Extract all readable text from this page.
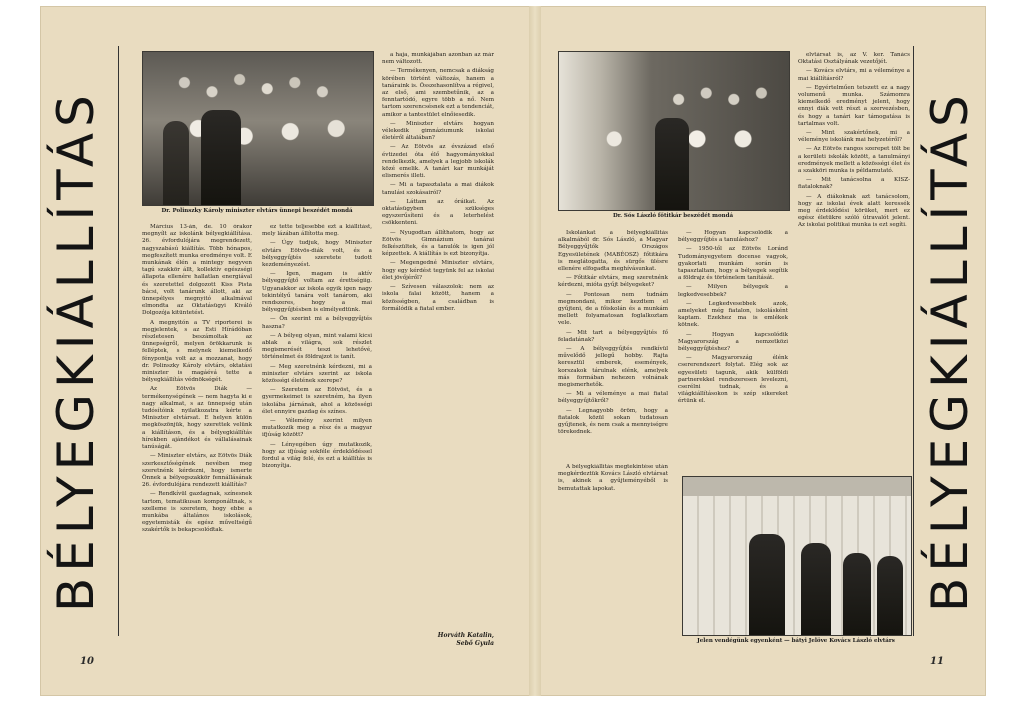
BÉLYEGKIÁLLÍTÁS	Dr. Polinszky Károly miniszter elvtárs ünnepi beszédét mondá

Március 13-án, de. 10 órakor megnyílt az iskolánk bélyegkiállítása. 26. évfordulójára megrendezett, nagyszabású kiállítás. Több hónapos, megfeszített munka eredménye volt. E munkának élén a mintegy negyven tagú szakkör állt, kollektív egészségi állapota ellenére hallatlan energiával és szeretettel dolgozott Kiss Pista bácsi, volt tanárunk állott, aki az ünnepélyes megnyitó alkalmával elmondta az Oktatásügyi Kiváló Dolgozója kitüntetést.

A megnyitón a TV riporterei is megjelentek, s az Esti Hírádóban részletesen beszámoltak az ünnepségről, melyen örökkarunk is felléptek, s melynek kiemelkedő fénypontja volt az a mozzanat, hogy dr. Polinszky Károly elvtárs, oktatási miniszter is magáévá tette a bélyegkiállítás védnökségét.

Az Eötvös Diák — termékenységének — nem hagyta ki e nagy alkalmat, s az ünnepség után tudósítóink nyilatkozatra kérte a Miniszter elvtársat. E helyen külön megköszönjük, hogy szerettek velünk a kiállításon, és a bélyegkiállítás hírekben ajándékot és vállalásainak tanúságát.

— Miniszter elvtárs, az Eötvös Diák szerkesztőségének nevében meg szeretnénk kérdezni, hogy ismerte Önnek a bélyegszakkör fennállásának 26. évfordulójára rendezett kiállítás?

— Rendkívül gazdagnak, színesnek tartom, tematikusan komponáltnak, s szelleme is szeretem, hogy ebbe a munkába általános iskolások, egyetemisták és egész műveltségű szakértők is bekapcsolódtak.

ez tette teljesebbé ezt a kiállítást, mely lázában állította meg.

— Úgy tudjuk, hogy Miniszter elvtárs Eötvös-diák volt, és a bélyeggyűjtés szeretete tudott kezdeményezést.

— Igen, magam is aktív bélyeggyűjtő voltam az érettségiig. Ugyanakkor az iskola egyik igen nagy tekintélyű tanára volt tanárom, aki rendszeres, hogy a mai bélyeggyűjtésben is elmélyedtünk.

— Ön szerint mi a bélyeggyűjtés haszna?

— A bélyeg olyan, mint valami kicsi ablak a világra, sok részlet megismerését teszi lehetővé, történelmet és földrajzot is tanít.

— Meg szeretnénk kérdezni, mi a miniszter elvtárs szerint az iskola közösségi életének szerepe?

— Szeretem az Eötvöst, és a gyermekeimet is szeretném, ha ilyen iskolába járnának, ahol a közösségi élet ennyire gazdag és színes.

— Vélemény szerint milyen mutatkozik meg a rész és a magyar ifjúság között?

— Lényegében úgy mutatkozik, hogy az ifjúság sokféle érdeklődéssel fordul a világ felé, és ezt a kiállítás is bizonyítja.

a haja, munkájában azonban az már nem változott.

— Termékenyen, nemcsak a diákság körében történt változás, hanem a tanáraink is. Összehasonlítva a régivel, az első, ami szembetűnik, az a fenntartódó, egyre több a nő. Nem tartom szerencsésnek ezt a tendenciát, amikor a tantestület elnőiesedik.

— Miniszter elvtárs hogyan vélekedik gimnáziumunk iskolai életéről általában?

— Az Eötvös az évszázad első évtizedei óta élő hagyományokkal rendelkezik, amelyek a legjobb iskolák közé emelik. A tanári kar munkáját elismerés illeti.

— Mi a tapasztalata a mai diákok tanulási szokásairól?

— Láttam az óráikat. Az oktatásügyben szükséges egyszerűsíteni és a leterhelést csökkenteni.

— Nyugodtan állíthatom, hogy az Eötvös Gimnázium tanárai felkészültek, és a tanulók is igen jól képzettek. A kiállítás is ezt bizonyítja.

— Megengedné Miniszter elvtárs, hogy egy kérdést tegyünk fel az iskolai élet jövőjéről?

— Szívesen válaszolok: nem az iskola falai között, hanem a közösségben, a családban is formálódik a fiatal ember.

Horváth Katalin,
Sebő Gyula
10
Dr. Sós László főtitkár beszédét mondá

Iskolánkat a bélyegkiállítás alkalmából dr. Sós László, a Magyar Bélyeggyűjtők Országos Egyesületének (MABÉOSZ) főtitkára is meglátogatta, és sürgős ülésre ellenére elfogadta meghívásunkat.

— Főtitkár elvtárs, meg szeretnénk kérdezni, mióta gyűjt bélyegeket?

— Pontosan nem tudnám megmondani, mikor kezdtem el gyűjteni, de a főiskolán és a munkám mellett folyamatosan foglalkoztam vele.

— Mit tart a bélyeggyűjtés fő feladatának?

— A bélyeggyűjtés rendkívül művelődő jellegű hobby. Rajta keresztül emberek, események, korszakok tárulnak elénk, amelyek más formában nehezen volnának megismerhetők.

— Mi a véleménye a mai fiatal bélyeggyűjtőkről?

— Legnagyobb öröm, hogy a fiatalok közül sokan tudatosan gyűjtenek, és nem csak a mennyiségre törekednek.

A bélyegkiállítás megtekintése után megkérdeztük Kovács László elvtársat is, akinek a gyűjteményéből is bemutattak lapokat.

— Hogyan kapcsolódik a bélyeggyűjtés a tanuláshoz?

— 1950-től az Eötvös Loránd Tudományegyetem docense vagyok, gyakorlati munkám során is tapasztaltam, hogy a bélyegek segítik a földrajz és történelem tanítását.

— Milyen bélyegek a legkedvesebbek?

— Legkedvesebbek azok, amelyeket még fiatalon, iskolásként kaptam. Ezekhez ma is emlékek kötnek.

— Hogyan kapcsolódik Magyarország a nemzetközi bélyeggyűjtéshez?

— Magyarország élénk csererendszert folytat. Elég sok az egyesületi tagunk, akik külföldi partnerekkel rendszeresen levelezni, cserélni tudnak, és a világkiállításokon is szép sikereket értünk el.

elvtársat is, az V. ker. Tanács Oktatási Osztályának vezetőjét.

— Kovács elvtárs, mi a véleménye a mai kiállításról?

— Egyértelműen tetszett ez a nagy volumenű munka. Számomra kiemelkedő eredményt jelent, hogy ennyi diák vett részt a szervezésben, és hogy a tanári kar támogatása is tartalmas volt.

— Mint szakértőnek, mi a véleménye iskolánk mai helyzetéről?

— Az Eötvös rangos szerepet tölt be a kerületi iskolák között, a tanulmányi eredmények mellett a közösségi élet és a szakköri munka is példamutató.

— Mit tanácsolna a KISZ-fiataloknak?

— A diákoknak azt tanácsolom, hogy az iskolai évek alatt keressék meg érdeklődési körüket, mert ez egész életükre szóló útravalót jelent. Az iskolai politikai munka is ezt segíti.

Jelen vendégünk egyenként — bátyi Jelöve Kovács László elvtárs
BÉLYEGKIÁLLÍTÁS
11
